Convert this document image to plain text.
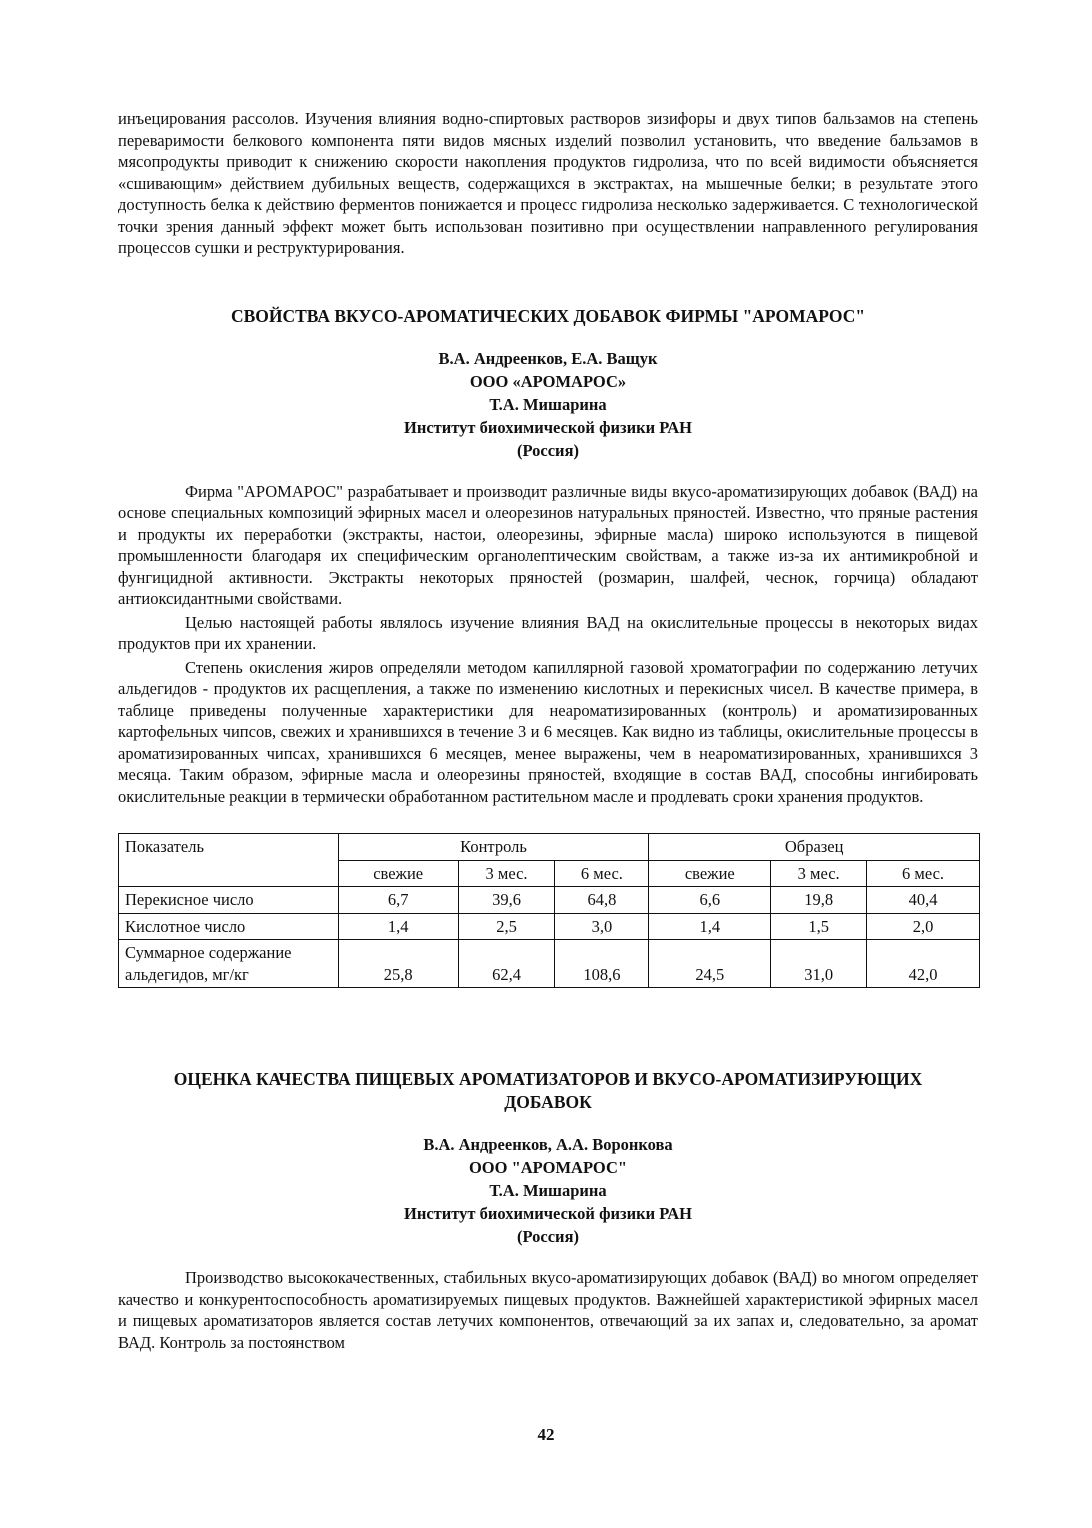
инъецирования рассолов. Изучения влияния водно-спиртовых растворов зизифоры и двух типов бальзамов на степень переваримости белкового компонента пяти видов мясных изделий позволил установить, что введение бальзамов в мясопродукты приводит к снижению скорости накопления продуктов гидролиза, что по всей видимости объясняется «сшивающим» действием дубильных веществ, содержащихся в экстрактах, на мышечные белки; в результате этого доступность белка к действию ферментов понижается и процесс гидролиза несколько задерживается. С технологической точки зрения данный эффект может быть использован позитивно при осуществлении направленного регулирования процессов сушки и реструктурирования.

СВОЙСТВА ВКУСО-АРОМАТИЧЕСКИХ ДОБАВОК ФИРМЫ "АРОМАРОС"

В.А. Андреенков, Е.А. Ващук
ООО «АРОМАРОС»
Т.А. Мишарина
Институт биохимической физики РАН
(Россия)

Фирма "АРОМАРОС" разрабатывает и производит различные виды вкусо-ароматизирующих добавок (ВАД) на основе специальных композиций эфирных масел и олеорезинов натуральных пряностей. Известно, что пряные растения и продукты их переработки (экстракты, настои, олеорезины, эфирные масла) широко используются в пищевой промышленности благодаря их специфическим органолептическим свойствам, а также из-за их антимикробной и фунгицидной активности. Экстракты некоторых пряностей (розмарин, шалфей, чеснок, горчица) обладают антиоксидантными свойствами.

Целью настоящей работы являлось изучение влияния ВАД на окислительные процессы в некоторых видах продуктов при их хранении.

Степень окисления жиров определяли методом капиллярной газовой хроматографии по содержанию летучих альдегидов - продуктов их расщепления, а также по изменению кислотных и перекисных чисел. В качестве примера, в таблице приведены полученные характеристики для неароматизированных (контроль) и ароматизированных картофельных чипсов, свежих и хранившихся в течение 3 и 6 месяцев. Как видно из таблицы, окислительные процессы в ароматизированных чипсах, хранившихся 6 месяцев, менее выражены, чем в неароматизированных, хранившихся 3 месяца. Таким образом, эфирные масла и олеорезины пряностей, входящие в состав ВАД, способны ингибировать окислительные реакции в термически обработанном растительном масле и продлевать сроки хранения продуктов.

Показатель	Контроль			Образец		
	свежие	3 мес.	6 мес.	свежие	3 мес.	6 мес.
Перекисное число	6,7	39,6	64,8	6,6	19,8	40,4
Кислотное число	1,4	2,5	3,0	1,4	1,5	2,0

Суммарное содержание
альдегидов, мг/кг	25,8	62,4	108,6	24,5	31,0	42,0

ОЦЕНКА КАЧЕСТВА ПИЩЕВЫХ АРОМАТИЗАТОРОВ И ВКУСО-АРОМАТИЗИРУЮЩИХ

ДОБАВОК

В.А. Андреенков, А.А. Воронкова
ООО "АРОМАРОС"
Т.А. Мишарина
Институт биохимической физики РАН
(Россия)

Производство высококачественных, стабильных вкусо-ароматизирующих добавок (ВАД) во многом определяет качество и конкурентоспособность ароматизируемых пищевых продуктов. Важнейшей характеристикой эфирных масел и пищевых ароматизаторов является состав летучих компонентов, отвечающий за их запах и, следовательно, за аромат ВАД. Контроль за постоянством

42
